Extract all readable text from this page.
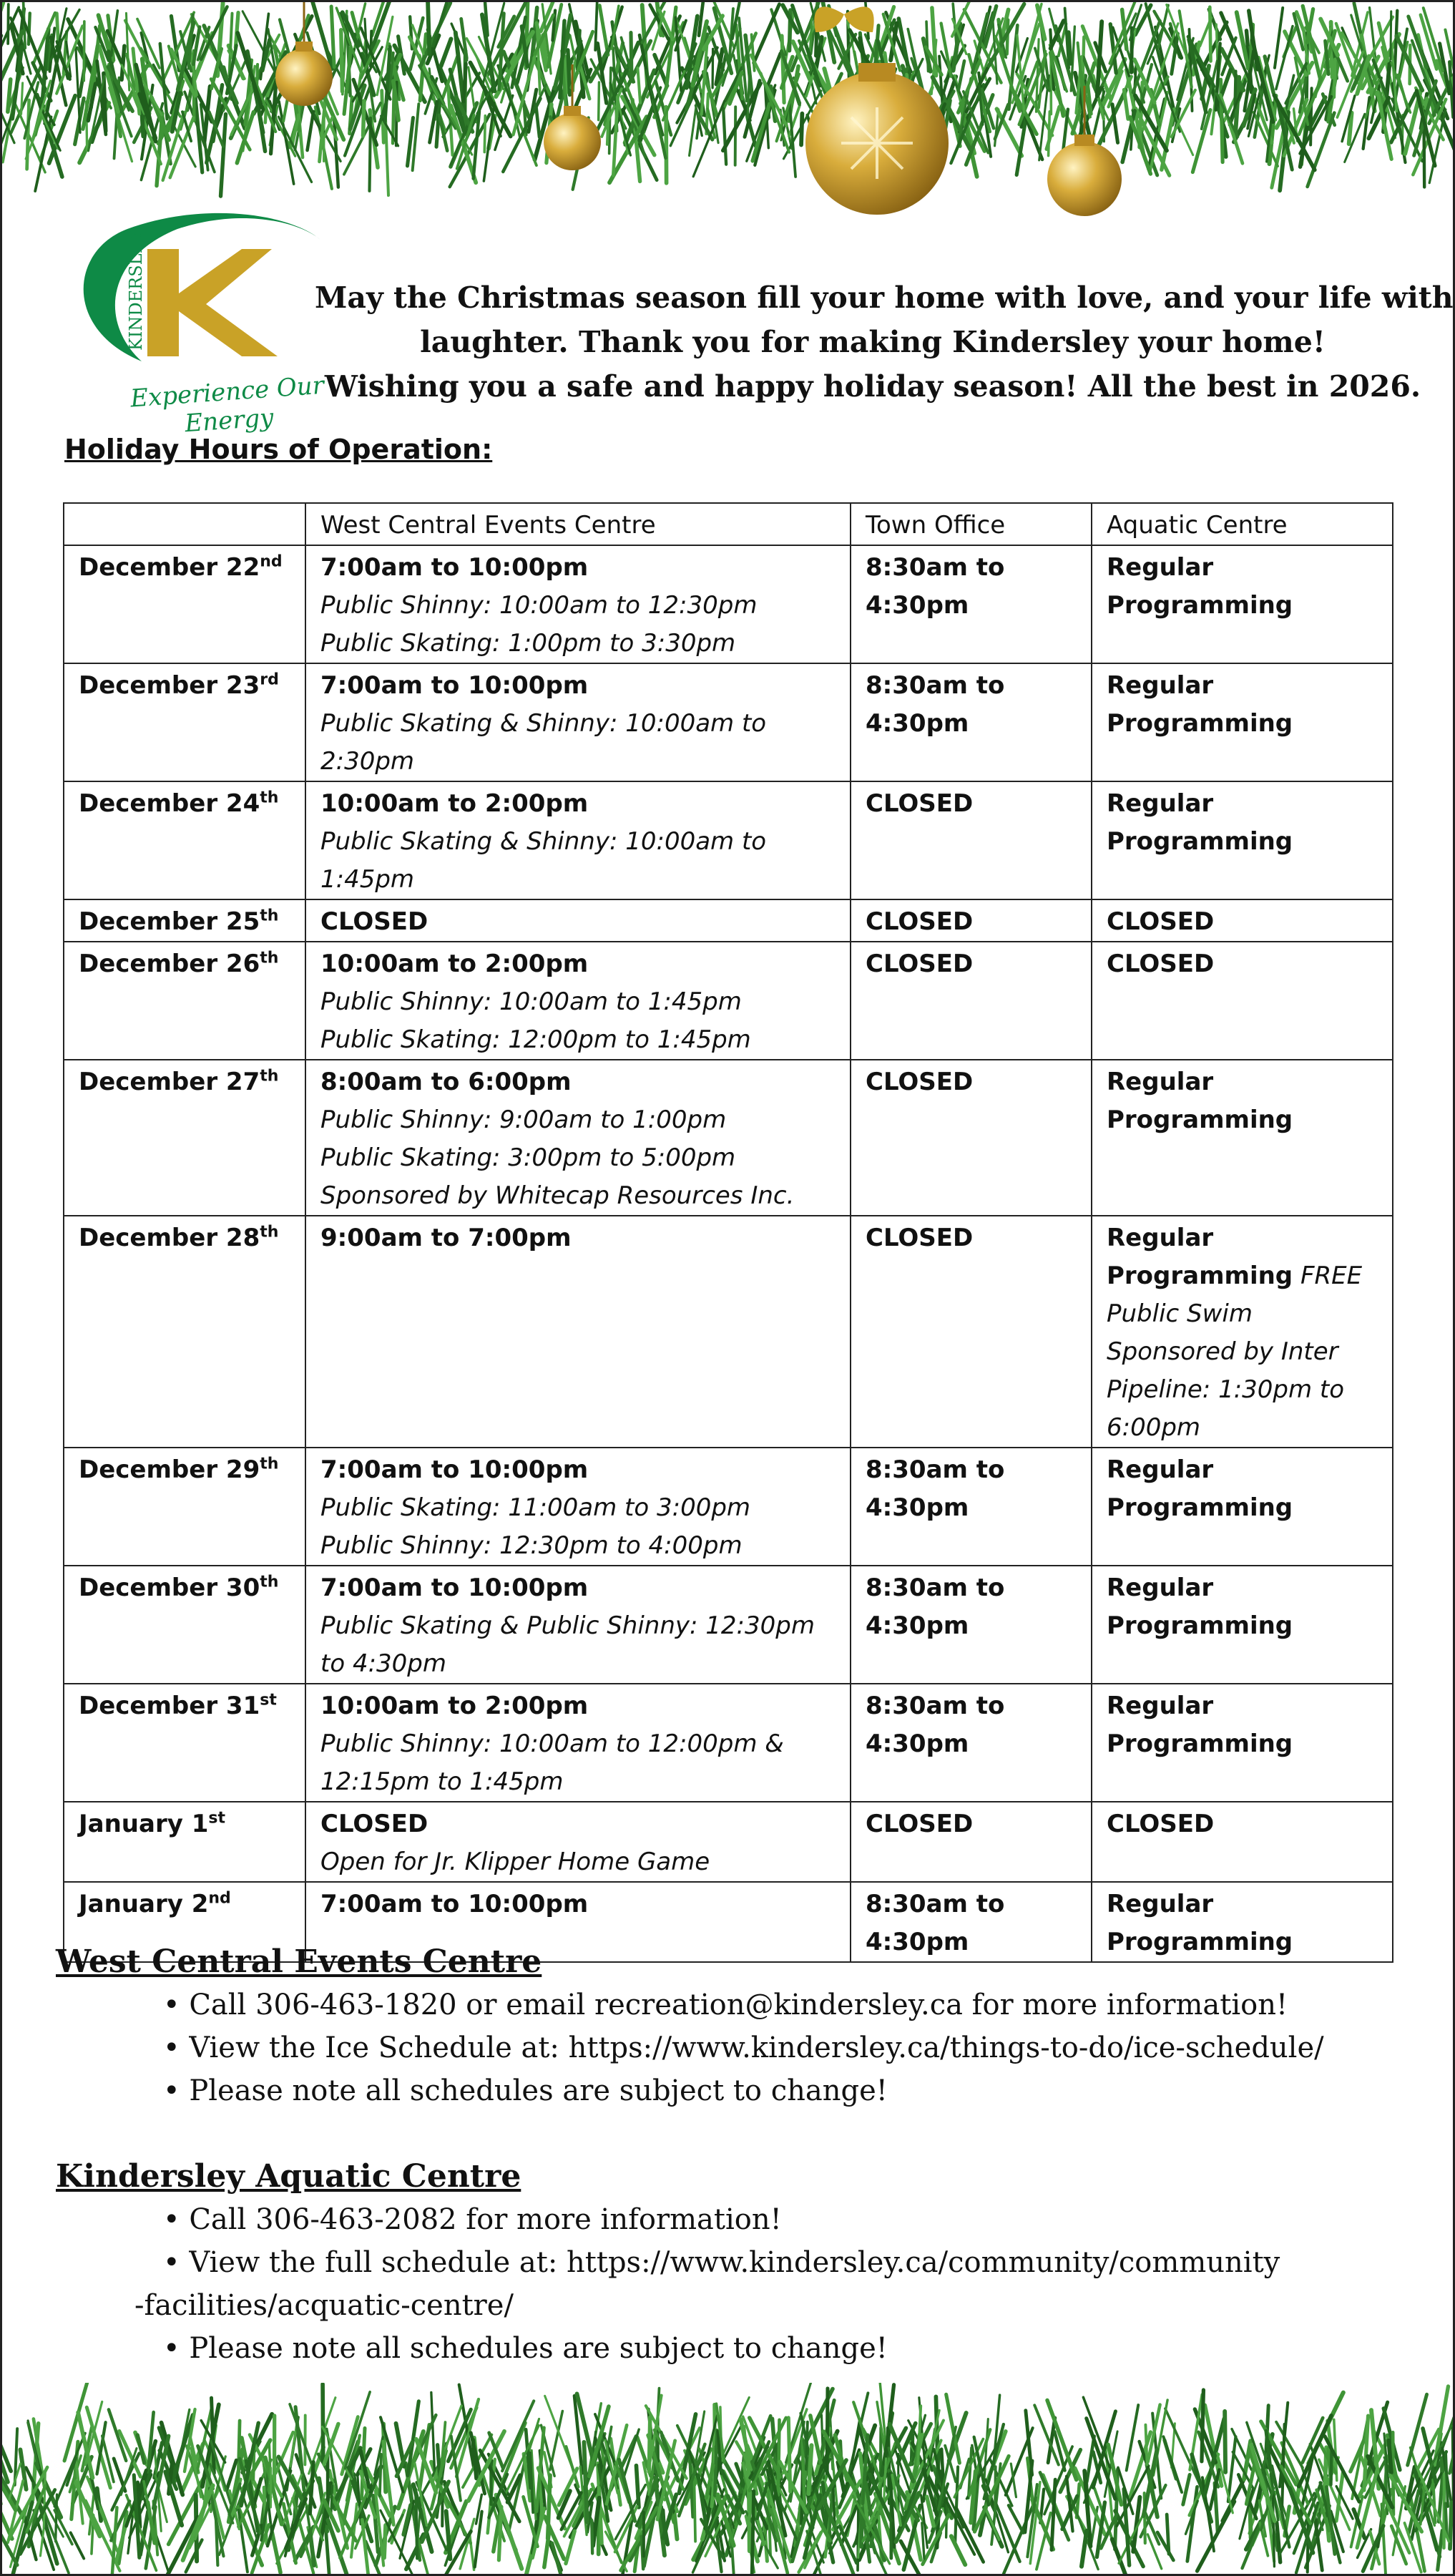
KINDERSLEY
Experience Our Energy
May the Christmas season fill your home with love, and your life with
laughter. Thank you for making Kindersley your home!
Wishing you a safe and happy holiday season! All the best in 2026.
Holiday Hours of Operation:
	West Central Events Centre	Town Office	Aquatic Centre
December 22nd	7:00am to 10:00pm
Public Shinny: 10:00am to 12:30pm
Public Skating: 1:00pm to 3:30pm	8:30am to 4:30pm	Regular Programming
December 23rd	7:00am to 10:00pm
Public Skating & Shinny: 10:00am to 2:30pm	8:30am to 4:30pm	Regular Programming
December 24th	10:00am to 2:00pm
Public Skating & Shinny: 10:00am to 1:45pm	CLOSED	Regular Programming
December 25th	CLOSED	CLOSED	CLOSED
December 26th	10:00am to 2:00pm
Public Shinny: 10:00am to 1:45pm
Public Skating: 12:00pm to 1:45pm	CLOSED	CLOSED
December 27th	8:00am to 6:00pm
Public Shinny: 9:00am to 1:00pm
Public Skating: 3:00pm to 5:00pm
Sponsored by Whitecap Resources Inc.	CLOSED	Regular Programming
December 28th	9:00am to 7:00pm	CLOSED	Regular Programming FREE Public Swim Sponsored by Inter Pipeline: 1:30pm to 6:00pm
December 29th	7:00am to 10:00pm
Public Skating: 11:00am to 3:00pm
Public Shinny: 12:30pm to 4:00pm	8:30am to 4:30pm	Regular Programming
December 30th	7:00am to 10:00pm
Public Skating & Public Shinny: 12:30pm to 4:30pm	8:30am to 4:30pm	Regular Programming
December 31st	10:00am to 2:00pm
Public Shinny: 10:00am to 12:00pm & 12:15pm to 1:45pm	8:30am to 4:30pm	Regular Programming
January 1st	CLOSED
Open for Jr. Klipper Home Game	CLOSED	CLOSED
January 2nd	7:00am to 10:00pm	8:30am to 4:30pm	Regular Programming
West Central Events Centre
• Call 306-463-1820 or email recreation@kindersley.ca for more information!
• View the Ice Schedule at: https://www.kindersley.ca/things-to-do/ice-schedule/
• Please note all schedules are subject to change!
Kindersley Aquatic Centre
• Call 306-463-2082 for more information!
• View the full schedule at: https://www.kindersley.ca/community/community
-facilities/acquatic-centre/
• Please note all schedules are subject to change!
